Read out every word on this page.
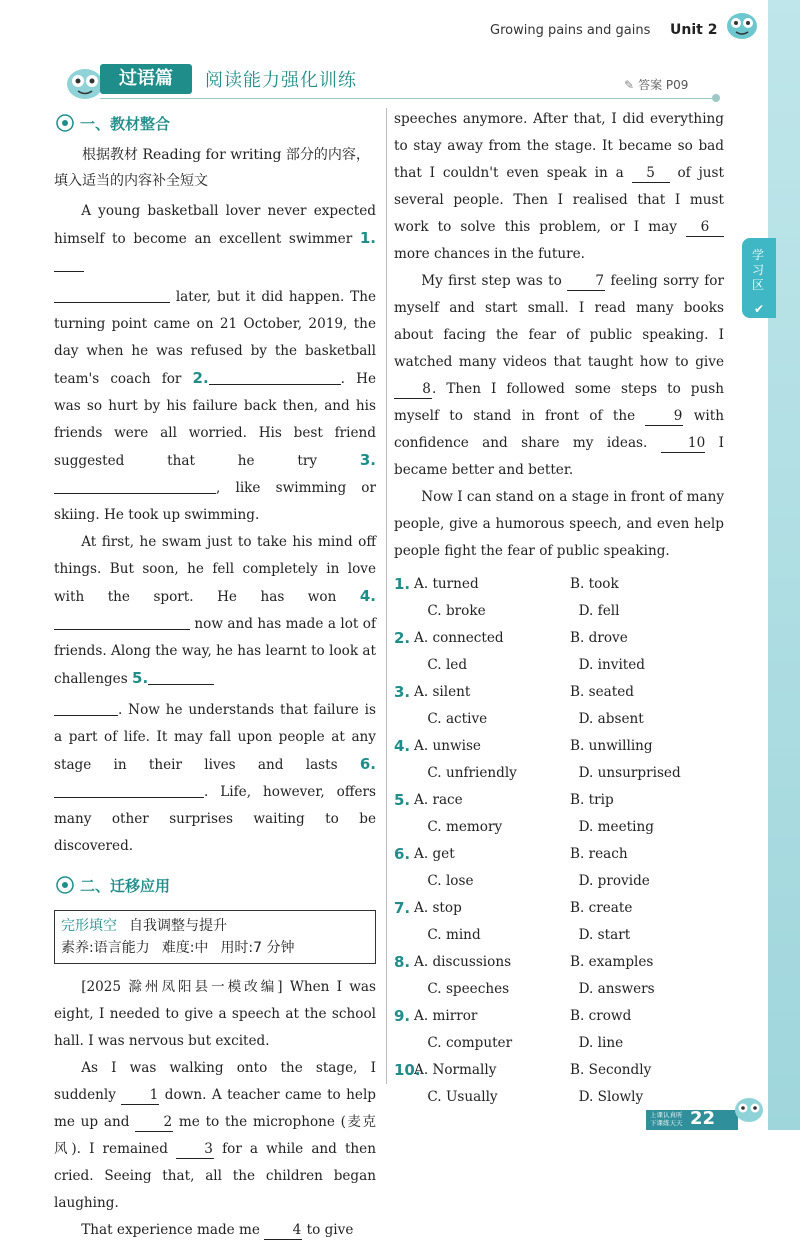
学习区
✔
Growing pains and gains Unit 2
过语篇	阅读能力强化训练	✎ 答案 P09
一、教材整合

根据教材 Reading for writing 部分的内容，填入适当的内容补全短文

A young basketball lover never expected himself to become an excellent swimmer 1.
later, but it did happen. The turning point came on 21 October, 2019, the day when he was refused by the basketball team's coach for 2.	. He was so hurt by his failure back then, and his friends were all worried. His best friend suggested that he try 3., like swimming or skiing. He took up swimming.

At first, he swam just to take his mind off things. But soon, he fell completely in love with the sport. He has won 4. now and has made a lot of friends. Along the way, he has learnt to look at challenges 5.
. Now he understands that failure is a part of life. It may fall upon people at any stage in their lives and lasts 6.. Life, however, offers many other surprises waiting to be discovered.

二、迁移应用
完形填空 自我调整与提升
素养:语言能力 难度:中 用时:7 分钟

[2025 滁州凤阳县一模改编] When I was eight, I needed to give a speech at the school hall. I was nervous but excited.

As I was walking onto the stage, I suddenly 1 down. A teacher came to help me up and 2 me to the microphone (麦克风). I remained 3 for a while and then cried. Seeing that, all the children began laughing.

That experience made me 4 to give

speeches anymore. After that, I did everything to stay away from the stage. It became so bad that I couldn't even speak in a 5 of just several people. Then I realised that I must work to solve this problem, or I may 6 more chances in the future.

My first step was to 7 feeling sorry for myself and start small. I read many books about facing the fear of public speaking. I watched many videos that taught how to give 8. Then I followed some steps to push myself to stand in front of the 9 with confidence and share my ideas. 10 I became better and better.

Now I can stand on a stage in front of many people, give a humorous speech, and even help people fight the fear of public speaking.

1. A. turned	B. took
C. broke	D. fell
2. A. connected	B. drove
C. led	D. invited
3. A. silent	B. seated
C. active	D. absent
4. A. unwise	B. unwilling
C. unfriendly	D. unsurprised
5. A. race	B. trip
C. memory	D. meeting
6. A. get	B. reach
C. lose	D. provide
7. A. stop	B. create
C. mind	D. start
8. A. discussions	B. examples
C. speeches	D. answers
9. A. mirror	B. crowd
C. computer	D. line
10.
A. Normally	B. Secondly
C. Usually	D. Slowly
上课认真听
下课练天天 22
